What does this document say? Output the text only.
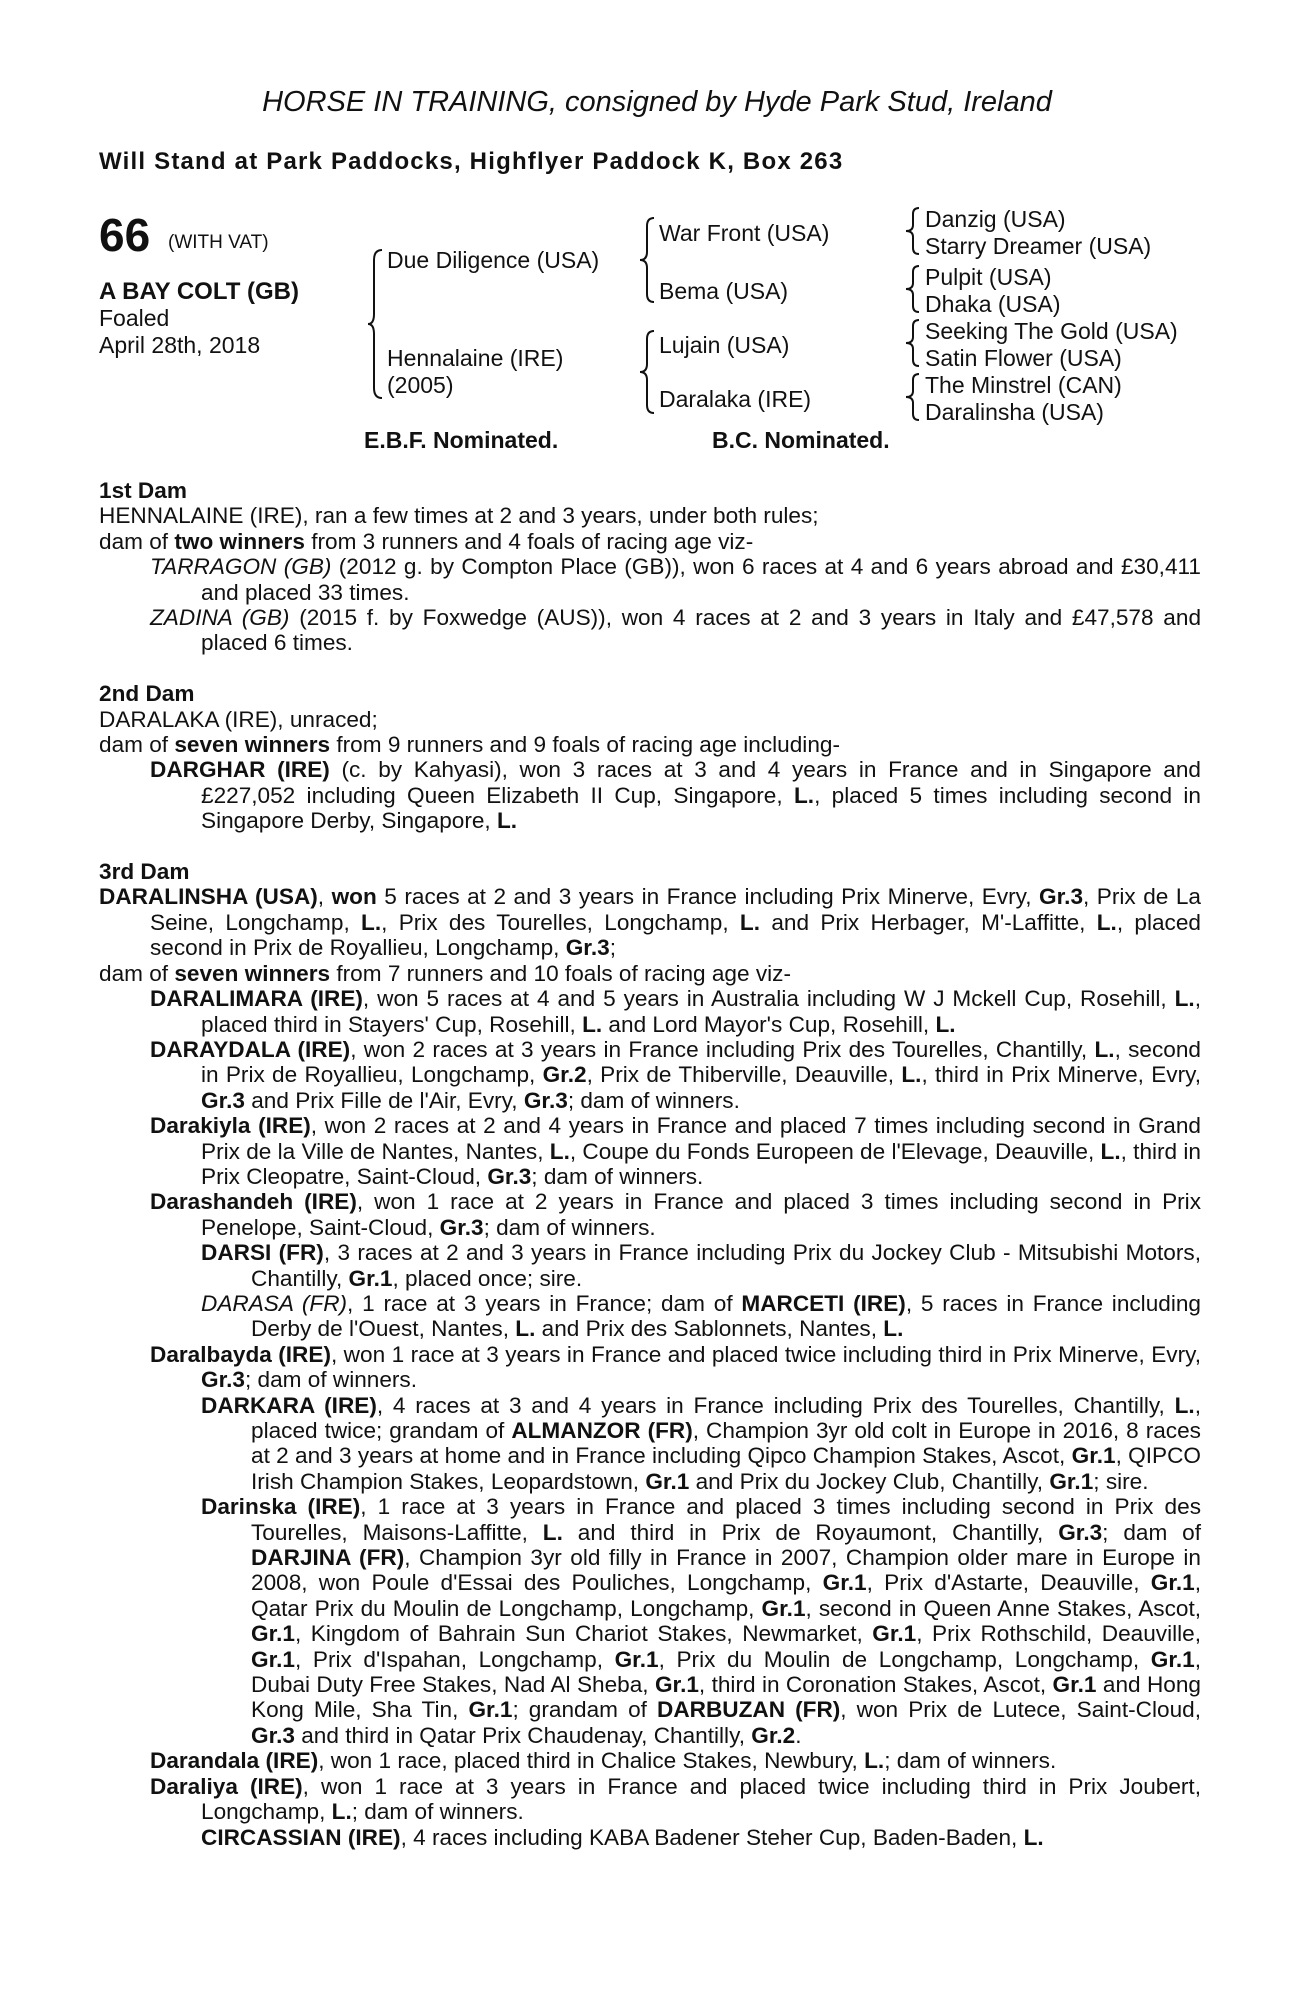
HORSE IN TRAINING, consigned by Hyde Park Stud, Ireland
Will Stand at Park Paddocks, Highflyer Paddock K, Box 263
66 (WITH VAT)
A BAY COLT (GB)
Foaled
April 28th, 2018
Due Diligence (USA)
Hennalaine (IRE)
(2005)
War Front (USA)
Bema (USA)
Lujain (USA)
Daralaka (IRE)
Danzig (USA)
Starry Dreamer (USA)
Pulpit (USA)
Dhaka (USA)
Seeking The Gold (USA)
Satin Flower (USA)
The Minstrel (CAN)
Daralinsha (USA)
E.B.F. Nominated.	B.C. Nominated.
1st Dam
HENNALAINE (IRE), ran a few times at 2 and 3 years, under both rules;
dam of two winners from 3 runners and 4 foals of racing age viz-
TARRAGON (GB) (2012 g. by Compton Place (GB)), won 6 races at 4 and 6 years abroad and £30,411 and placed 33 times.
ZADINA (GB) (2015 f. by Foxwedge (AUS)), won 4 races at 2 and 3 years in Italy and £47,578 and placed 6 times.
2nd Dam
DARALAKA (IRE), unraced;
dam of seven winners from 9 runners and 9 foals of racing age including-
DARGHAR (IRE) (c. by Kahyasi), won 3 races at 3 and 4 years in France and in Singapore and £227,052 including Queen Elizabeth II Cup, Singapore, L., placed 5 times including second in Singapore Derby, Singapore, L.
3rd Dam
DARALINSHA (USA), won 5 races at 2 and 3 years in France including Prix Minerve, Evry, Gr.3, Prix de La Seine, Longchamp, L., Prix des Tourelles, Longchamp, L. and Prix Herbager, M'-Laffitte, L., placed second in Prix de Royallieu, Longchamp, Gr.3;
dam of seven winners from 7 runners and 10 foals of racing age viz-
DARALIMARA (IRE), won 5 races at 4 and 5 years in Australia including W J Mckell Cup, Rosehill, L., placed third in Stayers' Cup, Rosehill, L. and Lord Mayor's Cup, Rosehill, L.
DARAYDALA (IRE), won 2 races at 3 years in France including Prix des Tourelles, Chantilly, L., second in Prix de Royallieu, Longchamp, Gr.2, Prix de Thiberville, Deauville, L., third in Prix Minerve, Evry, Gr.3 and Prix Fille de l'Air, Evry, Gr.3; dam of winners.
Darakiyla (IRE), won 2 races at 2 and 4 years in France and placed 7 times including second in Grand Prix de la Ville de Nantes, Nantes, L., Coupe du Fonds Europeen de l'Elevage, Deauville, L., third in Prix Cleopatre, Saint-Cloud, Gr.3; dam of winners.
Darashandeh (IRE), won 1 race at 2 years in France and placed 3 times including second in Prix Penelope, Saint-Cloud, Gr.3; dam of winners.
DARSI (FR), 3 races at 2 and 3 years in France including Prix du Jockey Club - Mitsubishi Motors, Chantilly, Gr.1, placed once; sire.
DARASA (FR), 1 race at 3 years in France; dam of MARCETI (IRE), 5 races in France including Derby de l'Ouest, Nantes, L. and Prix des Sablonnets, Nantes, L.
Daralbayda (IRE), won 1 race at 3 years in France and placed twice including third in Prix Minerve, Evry, Gr.3; dam of winners.
DARKARA (IRE), 4 races at 3 and 4 years in France including Prix des Tourelles, Chantilly, L., placed twice; grandam of ALMANZOR (FR), Champion 3yr old colt in Europe in 2016, 8 races at 2 and 3 years at home and in France including Qipco Champion Stakes, Ascot, Gr.1, QIPCO Irish Champion Stakes, Leopardstown, Gr.1 and Prix du Jockey Club, Chantilly, Gr.1; sire.
Darinska (IRE), 1 race at 3 years in France and placed 3 times including second in Prix des Tourelles, Maisons-Laffitte, L. and third in Prix de Royaumont, Chantilly, Gr.3; dam of DARJINA (FR), Champion 3yr old filly in France in 2007, Champion older mare in Europe in 2008, won Poule d'Essai des Pouliches, Longchamp, Gr.1, Prix d'Astarte, Deauville, Gr.1, Qatar Prix du Moulin de Longchamp, Longchamp, Gr.1, second in Queen Anne Stakes, Ascot, Gr.1, Kingdom of Bahrain Sun Chariot Stakes, Newmarket, Gr.1, Prix Rothschild, Deauville, Gr.1, Prix d'Ispahan, Longchamp, Gr.1, Prix du Moulin de Longchamp, Longchamp, Gr.1, Dubai Duty Free Stakes, Nad Al Sheba, Gr.1, third in Coronation Stakes, Ascot, Gr.1 and Hong Kong Mile, Sha Tin, Gr.1; grandam of DARBUZAN (FR), won Prix de Lutece, Saint-Cloud, Gr.3 and third in Qatar Prix Chaudenay, Chantilly, Gr.2.
Darandala (IRE), won 1 race, placed third in Chalice Stakes, Newbury, L.; dam of winners.
Daraliya (IRE), won 1 race at 3 years in France and placed twice including third in Prix Joubert, Longchamp, L.; dam of winners.
CIRCASSIAN (IRE), 4 races including KABA Badener Steher Cup, Baden-Baden, L.
